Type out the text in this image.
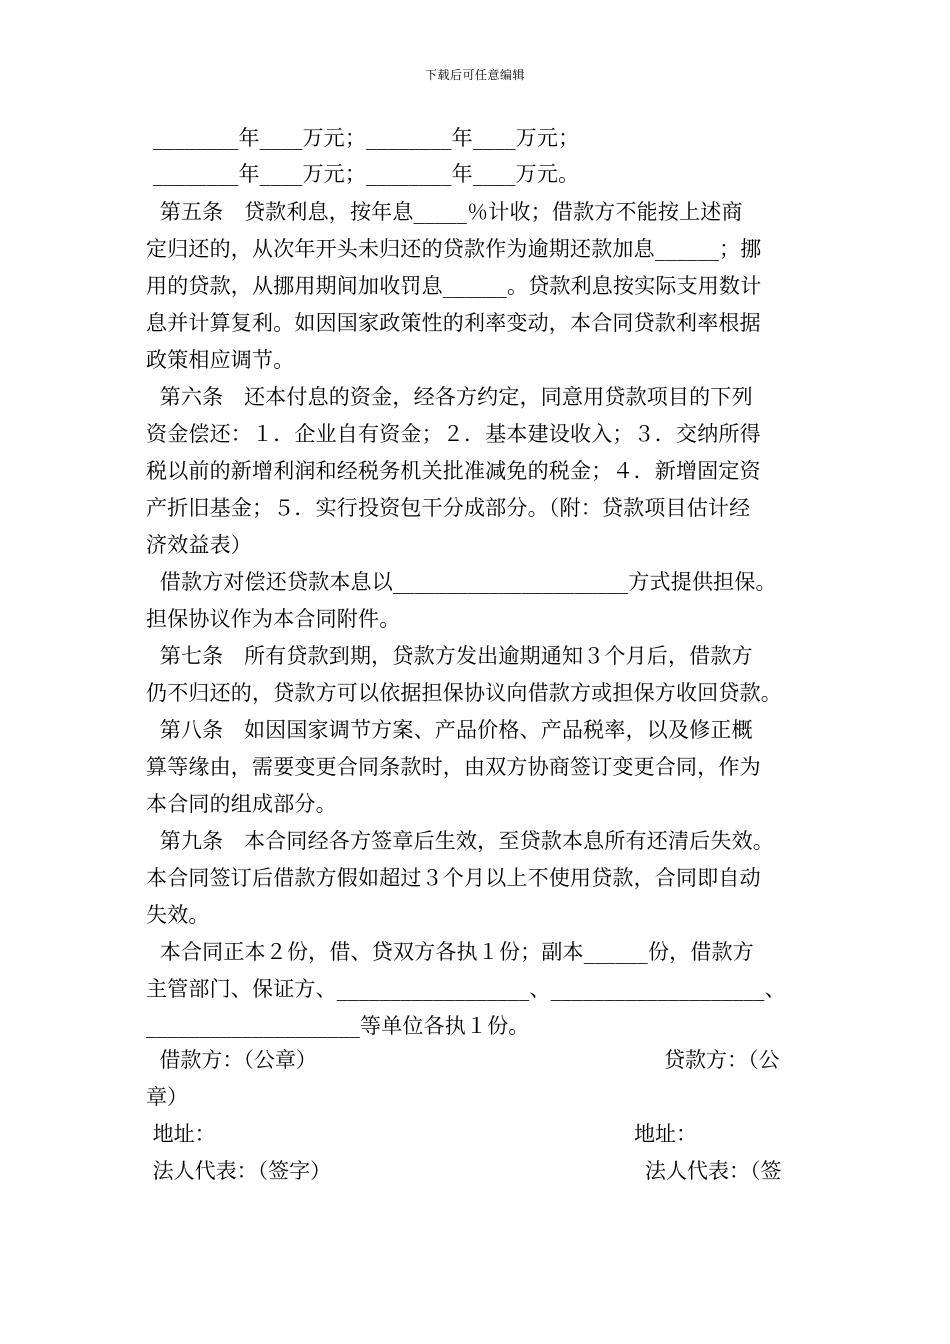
下载后可任意编辑
________年____万元；________年____万元；
________年____万元；________年____万元。
第五条   贷款利息，按年息_____％计收；借款方不能按上述商
定归还的，从次年开头未归还的贷款作为逾期还款加息______；挪
用的贷款，从挪用期间加收罚息______。贷款利息按实际支用数计
息并计算复利。如因国家政策性的利率变动，本合同贷款利率根据
政策相应调节。
第六条   还本付息的资金，经各方约定，同意用贷款项目的下列
资金偿还：１．企业自有资金；２．基本建设收入；３．交纳所得
税以前的新增利润和经税务机关批准减免的税金；４．新增固定资
产折旧基金；５．实行投资包干分成部分。（附：贷款项目估计经
济效益表）
借款方对偿还贷款本息以______________________方式提供担保。
担保协议作为本合同附件。
第七条   所有贷款到期，贷款方发出逾期通知３个月后，借款方
仍不归还的，贷款方可以依据担保协议向借款方或担保方收回贷款。
第八条   如因国家调节方案、产品价格、产品税率，以及修正概
算等缘由，需要变更合同条款时，由双方协商签订变更合同，作为
本合同的组成部分。
第九条   本合同经各方签章后生效，至贷款本息所有还清后失效。
本合同签订后借款方假如超过３个月以上不使用贷款，合同即自动
失效。
本合同正本２份，借、贷双方各执１份；副本______份，借款方
主管部门、保证方、__________________、____________________、
____________________等单位各执１份。
借款方：（公章）	贷款方：（公
章）
地址：	地址：
法人代表：（签字）	法人代表：（签
